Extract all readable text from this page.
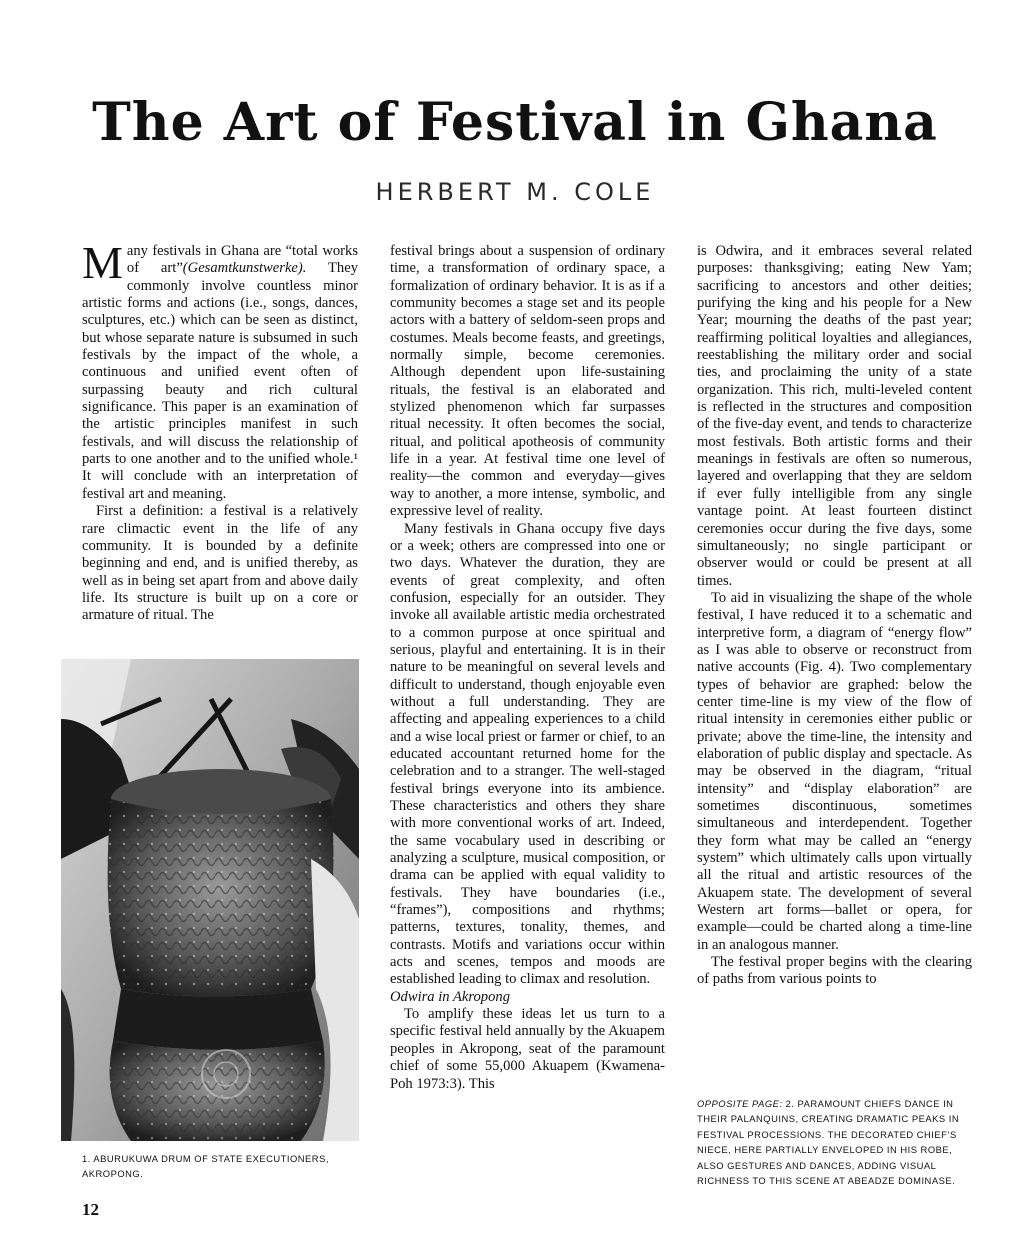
The Art of Festival in Ghana
HERBERT M. COLE

Many festivals in Ghana are “total works of art”(Gesamtkunstwerke). They commonly involve countless minor artistic forms and actions (i.e., songs, dances, sculptures, etc.) which can be seen as distinct, but whose separate nature is subsumed in such festivals by the impact of the whole, a continuous and unified event often of surpassing beauty and rich cultural significance. This paper is an examination of the artistic principles manifest in such festivals, and will discuss the relationship of parts to one another and to the unified whole.¹ It will conclude with an interpretation of festival art and meaning.

First a definition: a festival is a relatively rare climactic event in the life of any community. It is bounded by a definite beginning and end, and is unified thereby, as well as in being set apart from and above daily life. Its structure is built up on a core or armature of ritual. The

festival brings about a suspension of ordinary time, a transformation of ordinary space, a formalization of ordinary behavior. It is as if a community becomes a stage set and its people actors with a battery of seldom-seen props and costumes. Meals become feasts, and greetings, normally simple, become ceremonies. Although dependent upon life-sustaining rituals, the festival is an elaborated and stylized phenomenon which far surpasses ritual necessity. It often becomes the social, ritual, and political apotheosis of community life in a year. At festival time one level of reality—the common and everyday—gives way to another, a more intense, symbolic, and expressive level of reality.

Many festivals in Ghana occupy five days or a week; others are compressed into one or two days. Whatever the duration, they are events of great complexity, and often confusion, especially for an outsider. They invoke all available artistic media orchestrated to a common purpose at once spiritual and serious, playful and entertaining. It is in their nature to be meaningful on several levels and difficult to understand, though enjoyable even without a full understanding. They are affecting and appealing experiences to a child and a wise local priest or farmer or chief, to an educated accountant returned home for the celebration and to a stranger. The well-staged festival brings everyone into its ambience. These characteristics and others they share with more conventional works of art. Indeed, the same vocabulary used in describing or analyzing a sculpture, musical composition, or drama can be applied with equal validity to festivals. They have boundaries (i.e., “frames”), compositions and rhythms; patterns, textures, tonality, themes, and contrasts. Motifs and variations occur within acts and scenes, tempos and moods are established leading to climax and resolution.

Odwira in Akropong

To amplify these ideas let us turn to a specific festival held annually by the Akuapem peoples in Akropong, seat of the paramount chief of some 55,000 Akuapem (Kwamena-Poh 1973:3). This

is Odwira, and it embraces several related purposes: thanksgiving; eating New Yam; sacrificing to ancestors and other deities; purifying the king and his people for a New Year; mourning the deaths of the past year; reaffirming political loyalties and allegiances, reestablishing the military order and social ties, and proclaiming the unity of a state organization. This rich, multi-leveled content is reflected in the structures and composition of the five-day event, and tends to characterize most festivals. Both artistic forms and their meanings in festivals are often so numerous, layered and overlapping that they are seldom if ever fully intelligible from any single vantage point. At least fourteen distinct ceremonies occur during the five days, some simultaneously; no single participant or observer would or could be present at all times.

To aid in visualizing the shape of the whole festival, I have reduced it to a schematic and interpretive form, a diagram of “energy flow” as I was able to observe or reconstruct from native accounts (Fig. 4). Two complementary types of behavior are graphed: below the center time-line is my view of the flow of ritual intensity in ceremonies either public or private; above the time-line, the intensity and elaboration of public display and spectacle. As may be observed in the diagram, “ritual intensity” and “display elaboration” are sometimes discontinuous, sometimes simultaneous and interdependent. Together they form what may be called an “energy system” which ultimately calls upon virtually all the ritual and artistic resources of the Akuapem state. The development of several Western art forms—ballet or opera, for example—could be charted along a time-line in an analogous manner.

The festival proper begins with the clearing of paths from various points to

1. ABURUKUWA DRUM OF STATE EXECUTIONERS, AKROPONG.
OPPOSITE PAGE: 2. PARAMOUNT CHIEFS DANCE IN THEIR PALANQUINS, CREATING DRAMATIC PEAKS IN FESTIVAL PROCESSIONS. THE DECORATED CHIEF’S NIECE, HERE PARTIALLY ENVELOPED IN HIS ROBE, ALSO GESTURES AND DANCES, ADDING VISUAL RICHNESS TO THIS SCENE AT ABEADZE DOMINASE.
12
